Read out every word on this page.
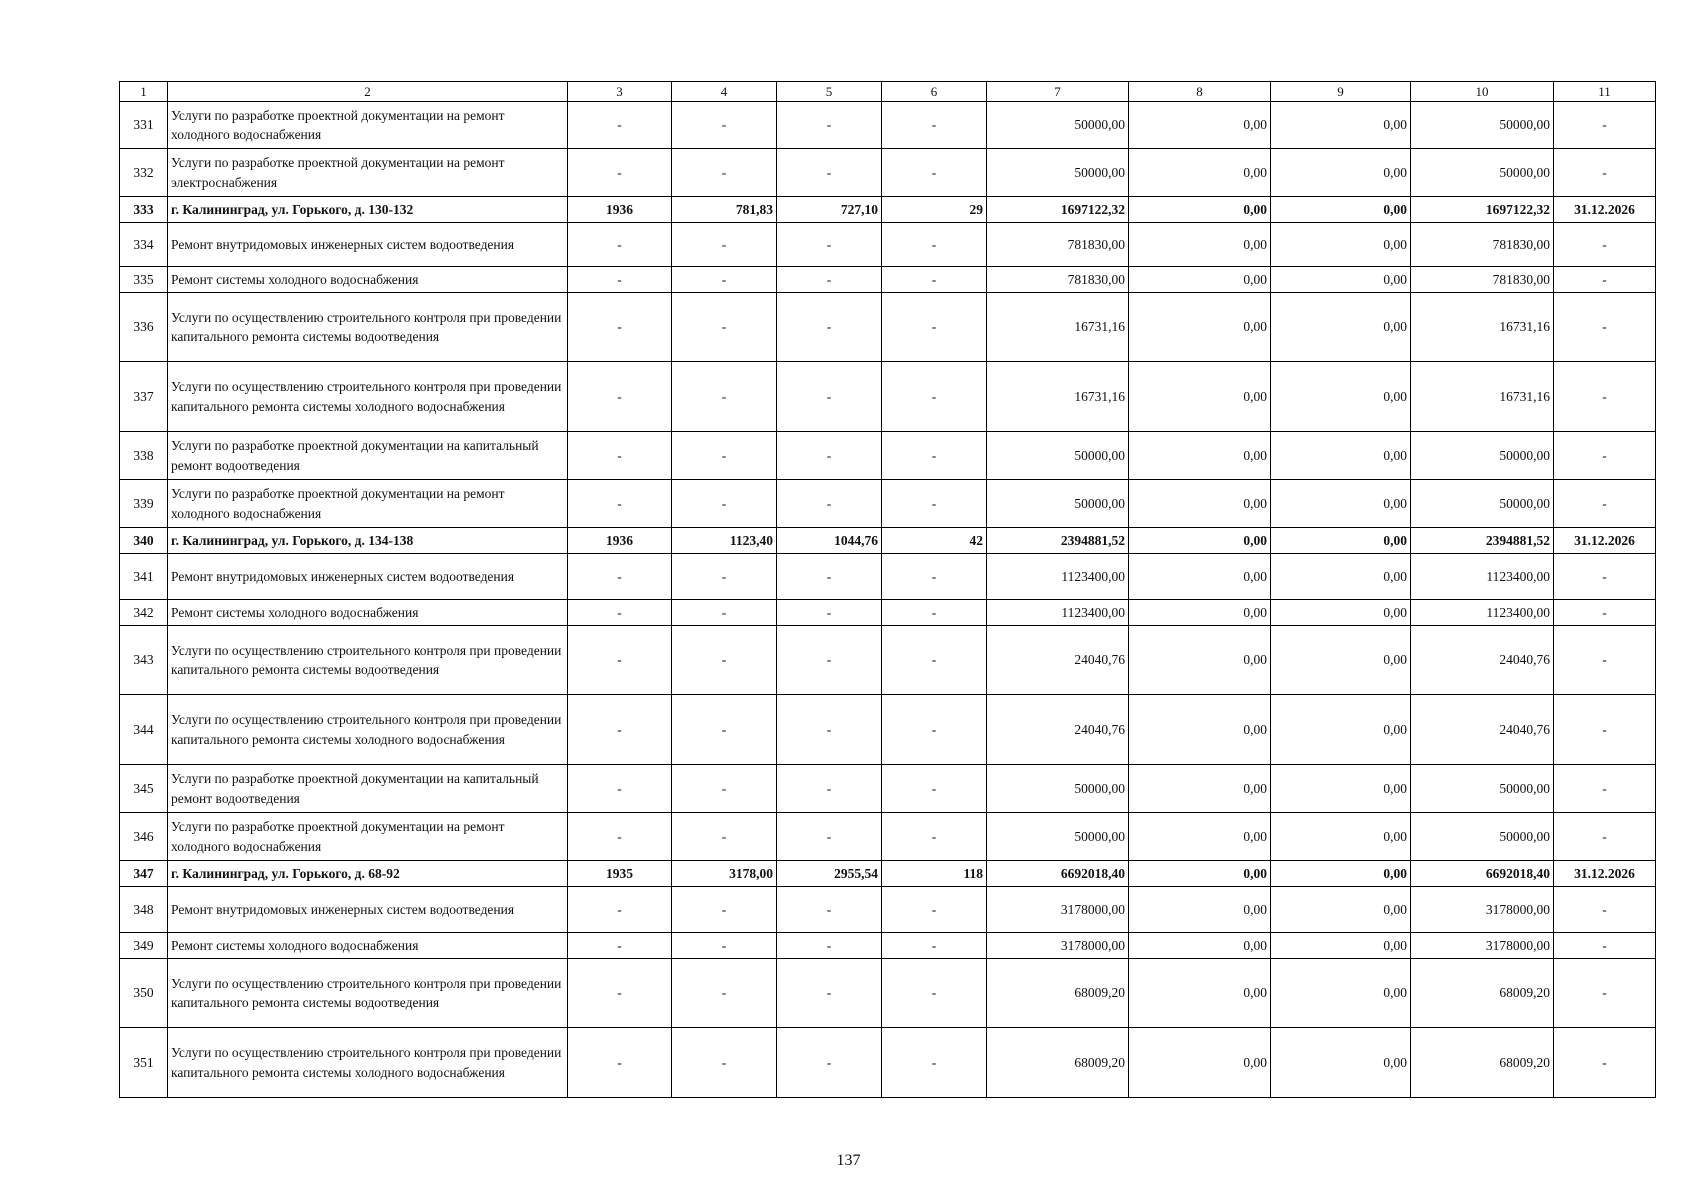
1	2	3	4	5	6	7	8	9	10	11
331	Услуги по разработке проектной документации на ремонт холодного водоснабжения	-	-	-	-	50000,00	0,00	0,00	50000,00	-
332	Услуги по разработке проектной документации на ремонт электроснабжения	-	-	-	-	50000,00	0,00	0,00	50000,00	-
333	г. Калининград, ул. Горького, д. 130-132	1936	781,83	727,10	29	1697122,32	0,00	0,00	1697122,32	31.12.2026
334	Ремонт внутридомовых инженерных систем водоотведения	-	-	-	-	781830,00	0,00	0,00	781830,00	-
335	Ремонт системы холодного водоснабжения	-	-	-	-	781830,00	0,00	0,00	781830,00	-
336	Услуги по осуществлению строительного контроля при проведении капитального ремонта системы водоотведения	-	-	-	-	16731,16	0,00	0,00	16731,16	-
337	Услуги по осуществлению строительного контроля при проведении капитального ремонта системы холодного водоснабжения	-	-	-	-	16731,16	0,00	0,00	16731,16	-
338	Услуги по разработке проектной документации на капитальный ремонт водоотведения	-	-	-	-	50000,00	0,00	0,00	50000,00	-
339	Услуги по разработке проектной документации на ремонт холодного водоснабжения	-	-	-	-	50000,00	0,00	0,00	50000,00	-
340	г. Калининград, ул. Горького, д. 134-138	1936	1123,40	1044,76	42	2394881,52	0,00	0,00	2394881,52	31.12.2026
341	Ремонт внутридомовых инженерных систем водоотведения	-	-	-	-	1123400,00	0,00	0,00	1123400,00	-
342	Ремонт системы холодного водоснабжения	-	-	-	-	1123400,00	0,00	0,00	1123400,00	-
343	Услуги по осуществлению строительного контроля при проведении капитального ремонта системы водоотведения	-	-	-	-	24040,76	0,00	0,00	24040,76	-
344	Услуги по осуществлению строительного контроля при проведении капитального ремонта системы холодного водоснабжения	-	-	-	-	24040,76	0,00	0,00	24040,76	-
345	Услуги по разработке проектной документации на капитальный ремонт водоотведения	-	-	-	-	50000,00	0,00	0,00	50000,00	-
346	Услуги по разработке проектной документации на ремонт холодного водоснабжения	-	-	-	-	50000,00	0,00	0,00	50000,00	-
347	г. Калининград, ул. Горького, д. 68-92	1935	3178,00	2955,54	118	6692018,40	0,00	0,00	6692018,40	31.12.2026
348	Ремонт внутридомовых инженерных систем водоотведения	-	-	-	-	3178000,00	0,00	0,00	3178000,00	-
349	Ремонт системы холодного водоснабжения	-	-	-	-	3178000,00	0,00	0,00	3178000,00	-
350	Услуги по осуществлению строительного контроля при проведении капитального ремонта системы водоотведения	-	-	-	-	68009,20	0,00	0,00	68009,20	-
351	Услуги по осуществлению строительного контроля при проведении капитального ремонта системы холодного водоснабжения	-	-	-	-	68009,20	0,00	0,00	68009,20	-
137
